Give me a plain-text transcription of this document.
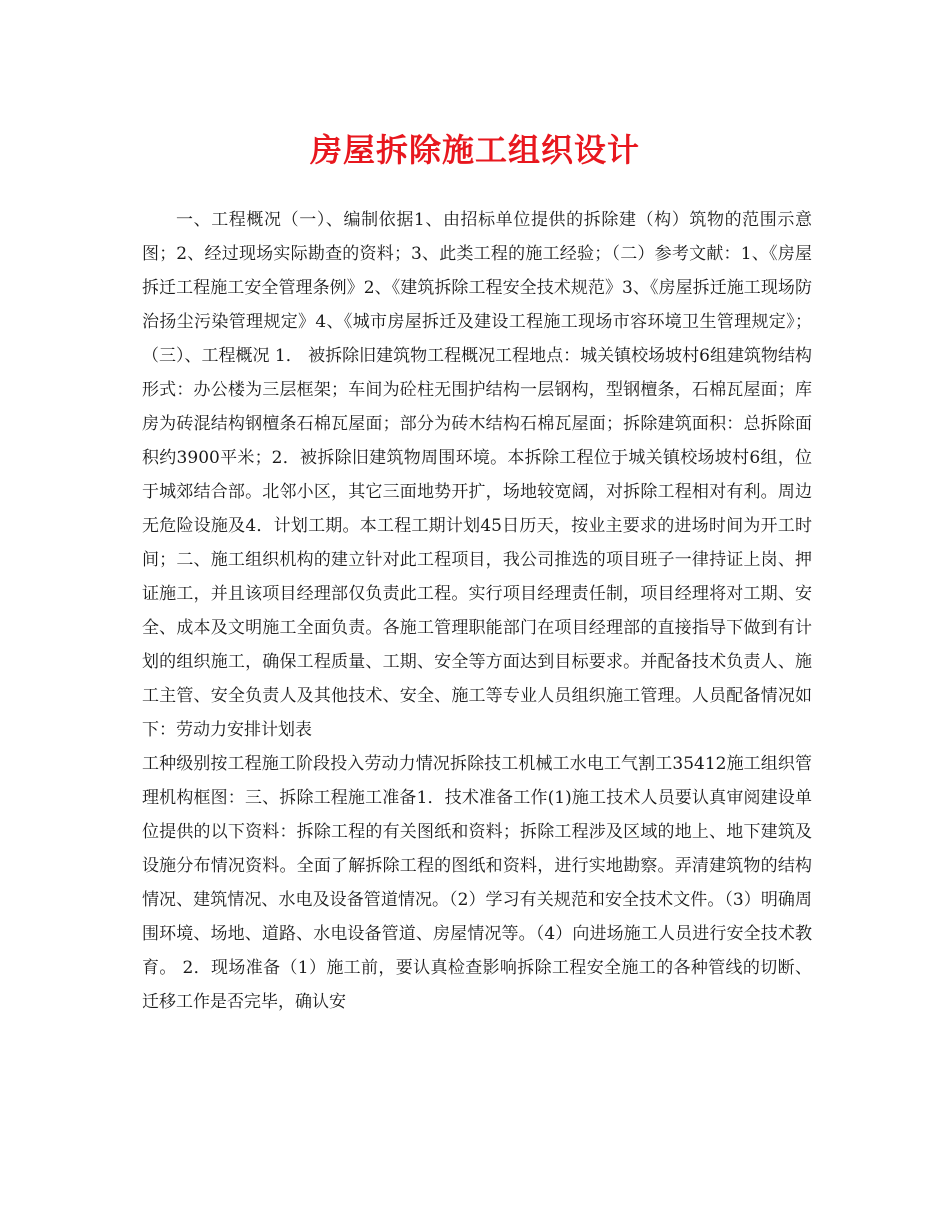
房屋拆除施工组织设计

一、工程概况（一）、编制依据1、由招标单位提供的拆除建（构）筑物的范围示意图；2、经过现场实际勘查的资料；3、此类工程的施工经验；（二）参考文献：1、《房屋拆迁工程施工安全管理条例》2、《建筑拆除工程安全技术规范》3、《房屋拆迁施工现场防治扬尘污染管理规定》4、《城市房屋拆迁及建设工程施工现场市容环境卫生管理规定》；（三）、工程概况 1． 被拆除旧建筑物工程概况工程地点：城关镇校场坡村6组建筑物结构形式：办公楼为三层框架；车间为砼柱无围护结构一层钢构，型钢檀条，石棉瓦屋面；库房为砖混结构钢檀条石棉瓦屋面；部分为砖木结构石棉瓦屋面；拆除建筑面积：总拆除面积约3900平米；2．被拆除旧建筑物周围环境。本拆除工程位于城关镇校场坡村6组，位于城郊结合部。北邻小区，其它三面地势开扩，场地较宽阔，对拆除工程相对有利。周边无危险设施及4．计划工期。本工程工期计划45日历天，按业主要求的进场时间为开工时间；二、施工组织机构的建立针对此工程项目，我公司推选的项目班子一律持证上岗、押证施工，并且该项目经理部仅负责此工程。实行项目经理责任制，项目经理将对工期、安全、成本及文明施工全面负责。各施工管理职能部门在项目经理部的直接指导下做到有计划的组织施工，确保工程质量、工期、安全等方面达到目标要求。并配备技术负责人、施工主管、安全负责人及其他技术、安全、施工等专业人员组织施工管理。人员配备情况如下：劳动力安排计划表

工种级别按工程施工阶段投入劳动力情况拆除技工机械工水电工气割工35412施工组织管理机构框图：三、拆除工程施工准备1．技术准备工作(1)施工技术人员要认真审阅建设单位提供的以下资料：拆除工程的有关图纸和资料；拆除工程涉及区域的地上、地下建筑及设施分布情况资料。全面了解拆除工程的图纸和资料，进行实地勘察。弄清建筑物的结构情况、建筑情况、水电及设备管道情况。（2）学习有关规范和安全技术文件。（3）明确周围环境、场地、道路、水电设备管道、房屋情况等。（4）向进场施工人员进行安全技术教育。 2．现场准备（1）施工前，要认真检查影响拆除工程安全施工的各种管线的切断、迁移工作是否完毕，确认安
